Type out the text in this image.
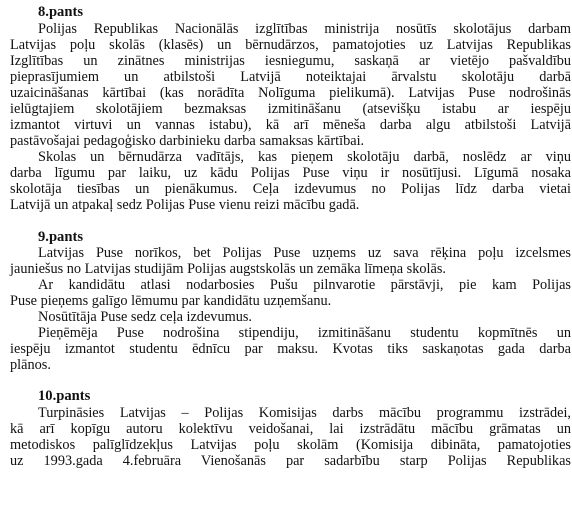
8.pants
Polijas Republikas Nacionālās izglītības ministrija nosūtīs skolotājus darbam
Latvijas poļu skolās (klasēs) un bērnudārzos, pamatojoties uz Latvijas Republikas
Izglītības un zinātnes ministrijas iesniegumu, saskaņā ar vietējo pašvaldību
pieprasījumiem un atbilstoši Latvijā noteiktajai ārvalstu skolotāju darbā
uzaicināšanas kārtībai (kas norādīta Nolīguma pielikumā). Latvijas Puse nodrošinās
ielūgtajiem skolotājiem bezmaksas izmitināšanu (atsevišķu istabu ar iespēju
izmantot virtuvi un vannas istabu), kā arī mēneša darba algu atbilstoši Latvijā
pastāvošajai pedagoģisko darbinieku darba samaksas kārtībai.
Skolas un bērnudārza vadītājs, kas pieņem skolotāju darbā, noslēdz ar viņu
darba līgumu par laiku, uz kādu Polijas Puse viņu ir nosūtījusi. Līgumā nosaka
skolotāja tiesības un pienākumus. Ceļa izdevumus no Polijas līdz darba vietai
Latvijā un atpakaļ sedz Polijas Puse vienu reizi mācību gadā.
9.pants
Latvijas Puse norīkos, bet Polijas Puse uzņems uz sava rēķina poļu izcelsmes
jauniešus no Latvijas studijām Polijas augstskolās un zemāka līmeņa skolās.
Ar kandidātu atlasi nodarbosies Pušu pilnvarotie pārstāvji, pie kam Polijas
Puse pieņems galīgo lēmumu par kandidātu uzņemšanu.
Nosūtītāja Puse sedz ceļa izdevumus.
Pieņēmēja Puse nodrošina stipendiju, izmitināšanu studentu kopmītnēs un
iespēju izmantot studentu ēdnīcu par maksu. Kvotas tiks saskaņotas gada darba
plānos.
10.pants
Turpināsies Latvijas – Polijas Komisijas darbs mācību programmu izstrādei,
kā arī kopīgu autoru kolektīvu veidošanai, lai izstrādātu mācību grāmatas un
metodiskos palīglīdzekļus Latvijas poļu skolām (Komisija dibināta, pamatojoties
uz 1993.gada 4.februāra Vienošanās par sadarbību starp Polijas Republikas
